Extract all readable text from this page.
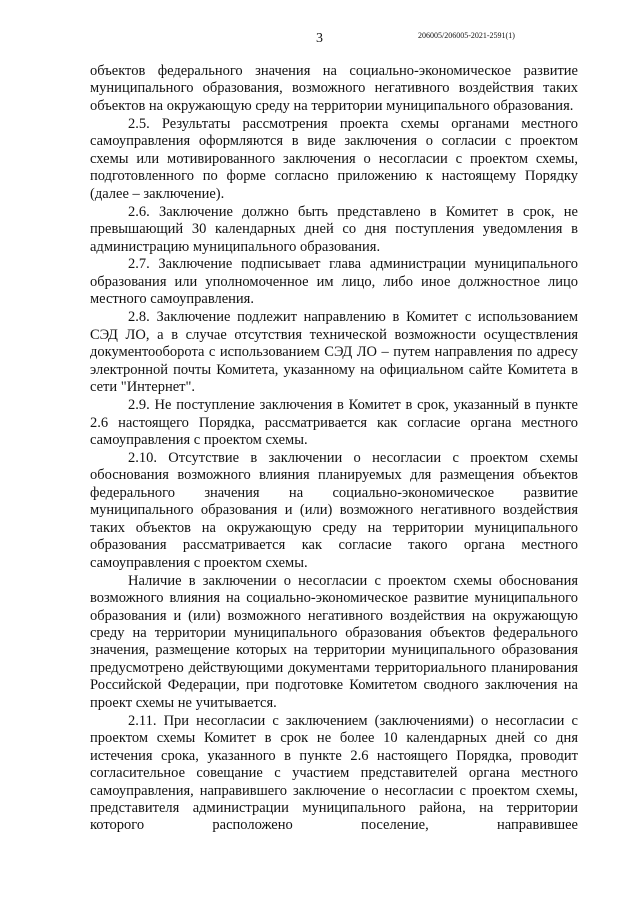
3	206005/206005-2021-2591(1)

объектов федерального значения на социально-экономическое развитие муниципального образования, возможного негативного воздействия таких объектов на окружающую среду на территории муниципального образования.

2.5. Результаты рассмотрения проекта схемы органами местного самоуправления оформляются в виде заключения о согласии с проектом схемы или мотивированного заключения о несогласии с проектом схемы, подготовленного по форме согласно приложению к настоящему Порядку (далее – заключение).

2.6. Заключение должно быть представлено в Комитет в срок, не превышающий 30 календарных дней со дня поступления уведомления в администрацию муниципального образования.

2.7. Заключение подписывает глава администрации муниципального образования или уполномоченное им лицо, либо иное должностное лицо местного самоуправления.

2.8. Заключение подлежит направлению в Комитет с использованием СЭД ЛО, а в случае отсутствия технической возможности осуществления документооборота с использованием СЭД ЛО – путем направления по адресу электронной почты Комитета, указанному на официальном сайте Комитета в сети "Интернет".

2.9. Не поступление заключения в Комитет в срок, указанный в пункте 2.6 настоящего Порядка, рассматривается как согласие органа местного самоуправления с проектом схемы.

2.10. Отсутствие в заключении о несогласии с проектом схемы обоснования возможного влияния планируемых для размещения объектов федерального значения на социально-экономическое развитие муниципального образования и (или) возможного негативного воздействия таких объектов на окружающую среду на территории муниципального образования рассматривается как согласие такого органа местного самоуправления с проектом схемы.

Наличие в заключении о несогласии с проектом схемы обоснования возможного влияния на социально-экономическое развитие муниципального образования и (или) возможного негативного воздействия на окружающую среду на территории муниципального образования объектов федерального значения, размещение которых на территории муниципального образования предусмотрено действующими документами территориального планирования Российской Федерации, при подготовке Комитетом сводного заключения на проект схемы не учитывается.

2.11. При несогласии с заключением (заключениями) о несогласии с проектом схемы Комитет в срок не более 10 календарных дней со дня истечения срока, указанного в пункте 2.6 настоящего Порядка, проводит согласительное совещание с участием представителей органа местного самоуправления, направившего заключение о несогласии с проектом схемы, представителя администрации муниципального района, на территории которого расположено поселение, направившее
